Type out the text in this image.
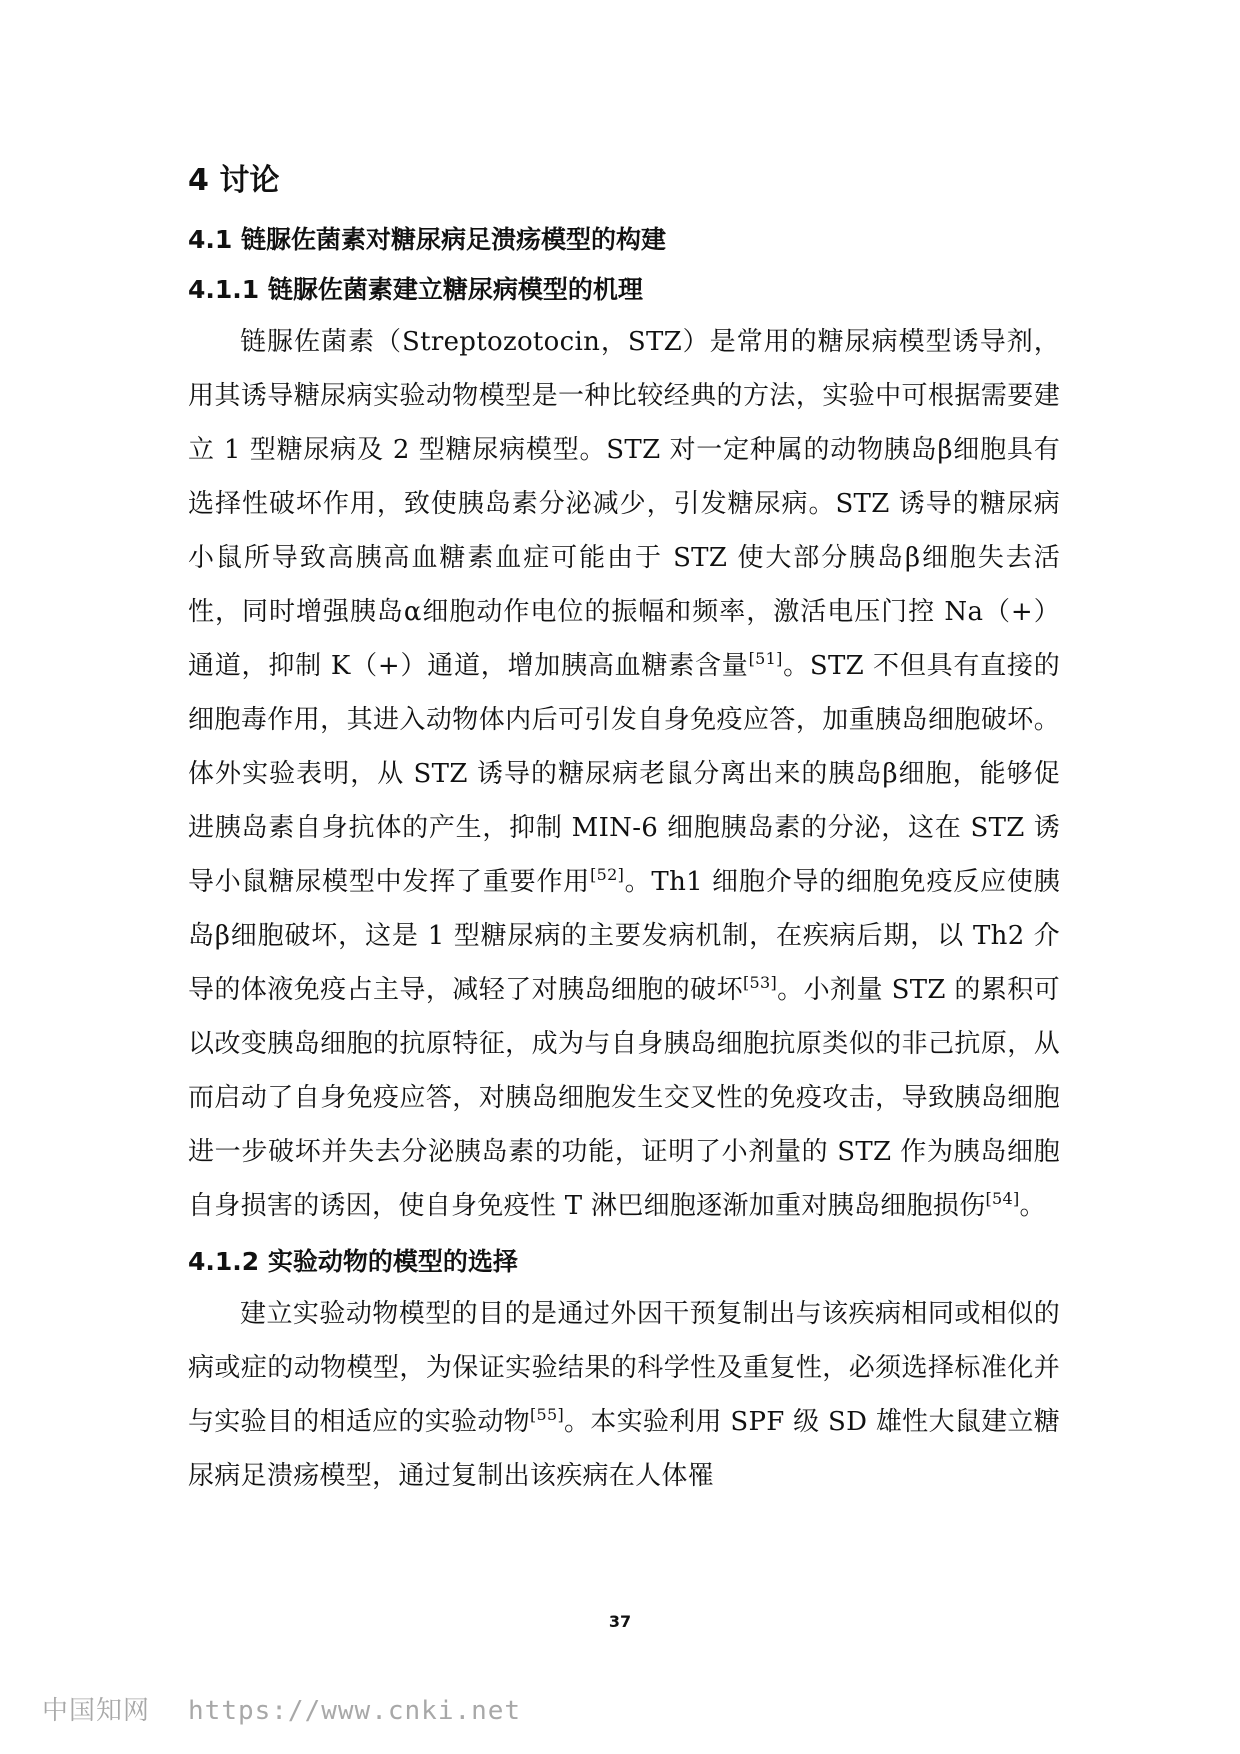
4 讨论
4.1 链脲佐菌素对糖尿病足溃疡模型的构建
4.1.1 链脲佐菌素建立糖尿病模型的机理

链脲佐菌素（Streptozotocin，STZ）是常用的糖尿病模型诱导剂，用其诱导糖尿病实验动物模型是一种比较经典的方法，实验中可根据需要建立 1 型糖尿病及 2 型糖尿病模型。STZ 对一定种属的动物胰岛β细胞具有选择性破坏作用，致使胰岛素分泌减少，引发糖尿病。STZ 诱导的糖尿病小鼠所导致高胰高血糖素血症可能由于 STZ 使大部分胰岛β细胞失去活性，同时增强胰岛α细胞动作电位的振幅和频率，激活电压门控 Na（+）通道，抑制 K（+）通道，增加胰高血糖素含量[51]。STZ 不但具有直接的细胞毒作用，其进入动物体内后可引发自身免疫应答，加重胰岛细胞破坏。体外实验表明，从 STZ 诱导的糖尿病老鼠分离出来的胰岛β细胞，能够促进胰岛素自身抗体的产生，抑制 MIN-6 细胞胰岛素的分泌，这在 STZ 诱导小鼠糖尿模型中发挥了重要作用[52]。Th1 细胞介导的细胞免疫反应使胰岛β细胞破坏，这是 1 型糖尿病的主要发病机制，在疾病后期，以 Th2 介导的体液免疫占主导，减轻了对胰岛细胞的破坏[53]。小剂量 STZ 的累积可以改变胰岛细胞的抗原特征，成为与自身胰岛细胞抗原类似的非己抗原，从而启动了自身免疫应答，对胰岛细胞发生交叉性的免疫攻击，导致胰岛细胞进一步破坏并失去分泌胰岛素的功能，证明了小剂量的 STZ 作为胰岛细胞自身损害的诱因，使自身免疫性 T 淋巴细胞逐渐加重对胰岛细胞损伤[54]。

4.1.2 实验动物的模型的选择

建立实验动物模型的目的是通过外因干预复制出与该疾病相同或相似的病或症的动物模型，为保证实验结果的科学性及重复性，必须选择标准化并与实验目的相适应的实验动物[55]。本实验利用 SPF 级 SD 雄性大鼠建立糖尿病足溃疡模型，通过复制出该疾病在人体罹

37
中国知网 https://www.cnki.net
